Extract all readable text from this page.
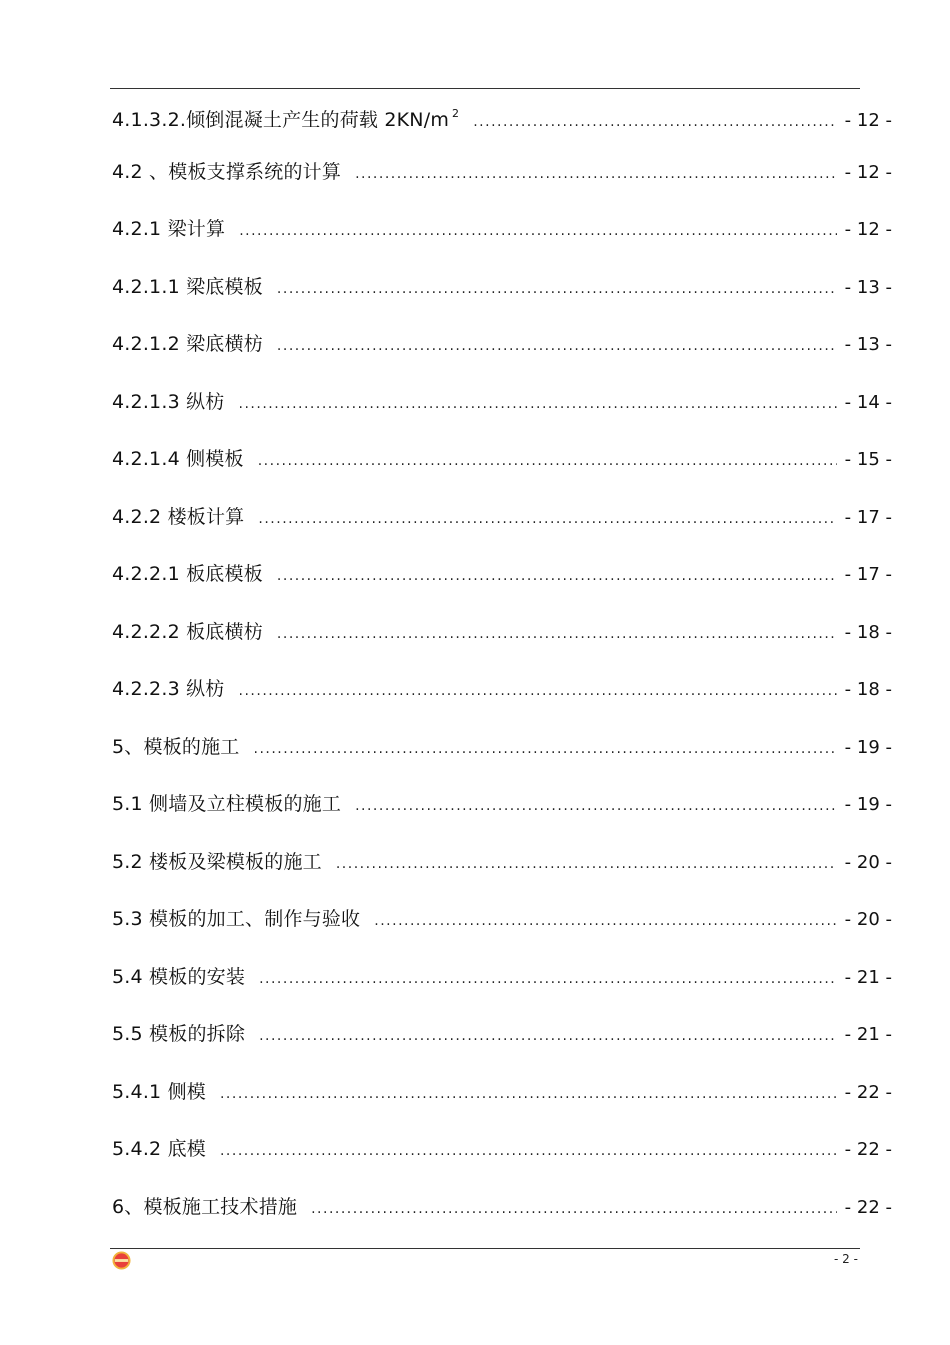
4.1.3.2.倾倒混凝土产生的荷载 2KN/m $^2$ .....	- 12 -
4.2 、模板支撑系统的计算 .....	- 12 -
4.2.1 梁计算 .....	- 12 -
4.2.1.1 梁底模板 .....	- 13 -
4.2.1.2 梁底横枋 .....	- 13 -
4.2.1.3 纵枋 .....	- 14 -
4.2.1.4 侧模板 .....	- 15 -
4.2.2 楼板计算 .....	- 17 -
4.2.2.1 板底模板 .....	- 17 -
4.2.2.2 板底横枋 .....	- 18 -
4.2.2.3 纵枋 .....	- 18 -
5、模板的施工 .....	- 19 -
5.1 侧墙及立柱模板的施工 .....	- 19 -
5.2 楼板及梁模板的施工 .....	- 20 -
5.3 模板的加工、制作与验收 .....	- 20 -
5.4 模板的安装 .....	- 21 -
5.5 模板的拆除 .....	- 21 -
5.4.1 侧模 .....	- 22 -
5.4.2 底模 .....	- 22 -
6、模板施工技术措施 .....	- 22 -
- 2 -
